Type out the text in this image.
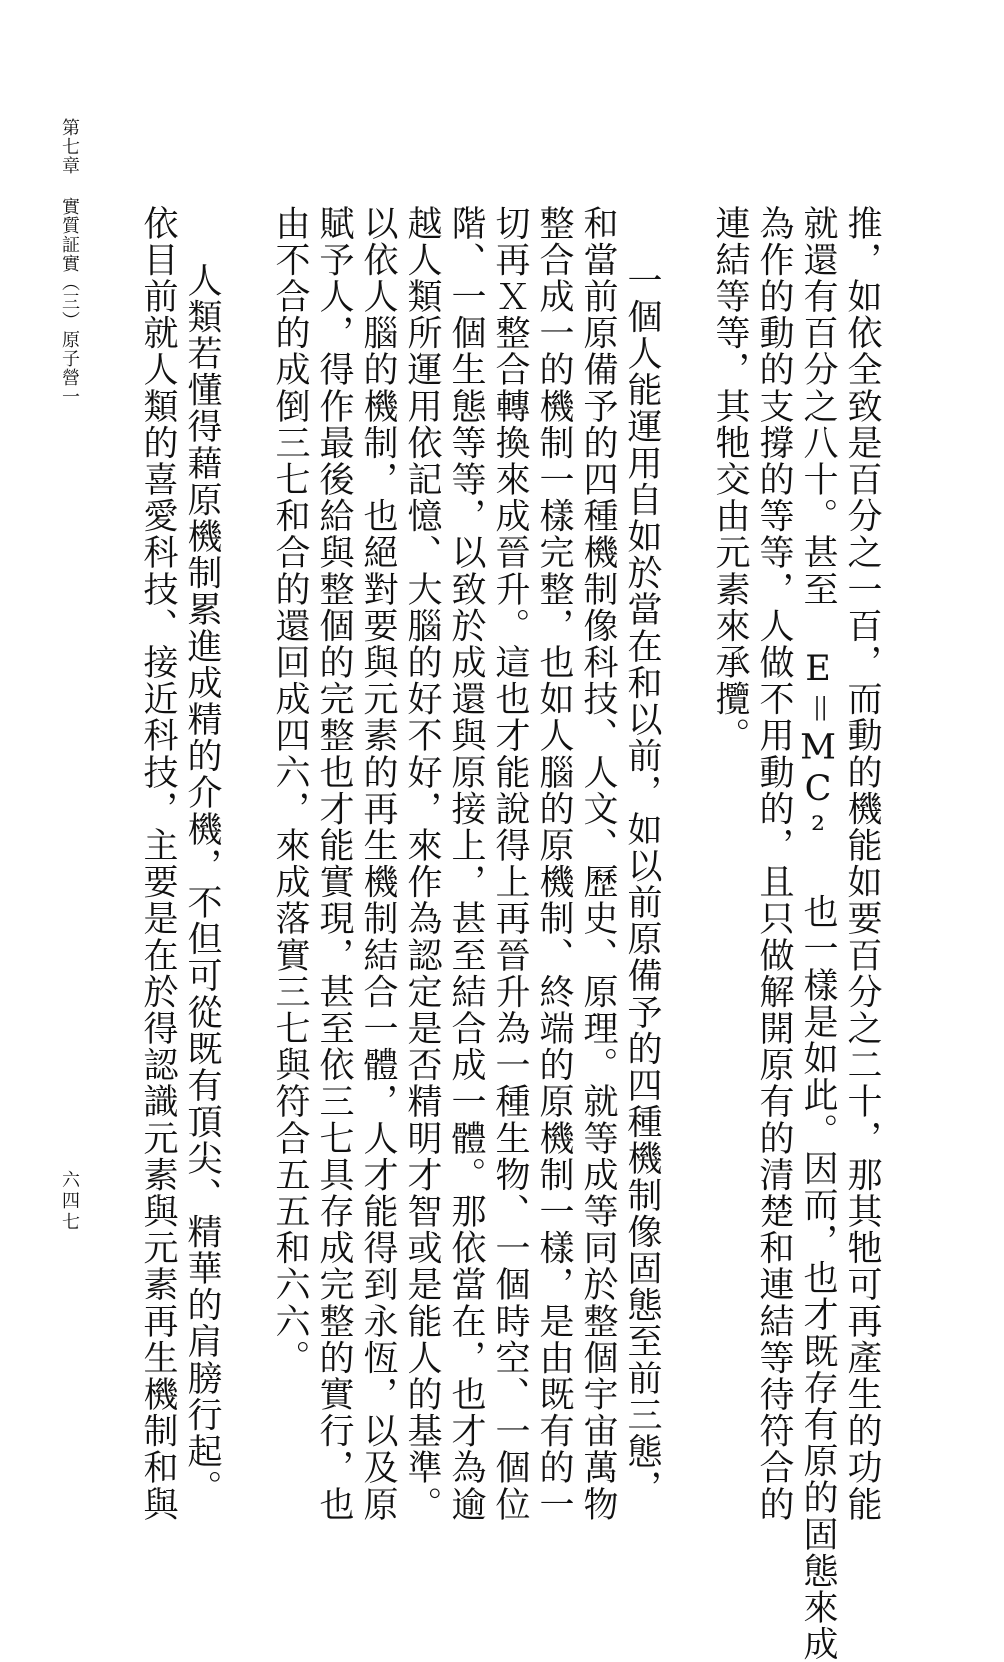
推，如依全致是百分之一百，而動的機能如要百分之二十，那其牠可再產生的功能
就還有百分之八十。甚至 E＝MC² 也一樣是如此。因而，也才既存有原的固態來成
為作的動的支撐的等等，人做不用動的，且只做解開原有的清楚和連結等待符合的
連結等等，其牠交由元素來承攬。
一個人能運用自如於當在和以前，如以前原備予的四種機制像固態至前三態，
和當前原備予的四種機制像科技、人文、歷史、原理。就等成等同於整個宇宙萬物
整合成一的機制一樣完整，也如人腦的原機制、終端的原機制一樣，是由既有的一
切再Ｘ整合轉換來成晉升。這也才能說得上再晉升為一種生物、一個時空、一個位
階、一個生態等等，以致於成還與原接上，甚至結合成一體。那依當在，也才為逾
越人類所運用依記憶、大腦的好不好，來作為認定是否精明才智或是能人的基準。
以依人腦的機制，也絕對要與元素的再生機制結合一體，人才能得到永恆，以及原
賦予人，得作最後給與整個的完整也才能實現，甚至依三七具存成完整的實行，也
由不合的成倒三七和合的還回成四六，來成落實三七與符合五五和六六。
人類若懂得藉原機制累進成精的介機，不但可從既有頂尖、精華的肩膀行起。
依目前就人類的喜愛科技、接近科技，主要是在於得認識元素與元素再生機制和與
第七章實質証實（三）原子營一
六四七
